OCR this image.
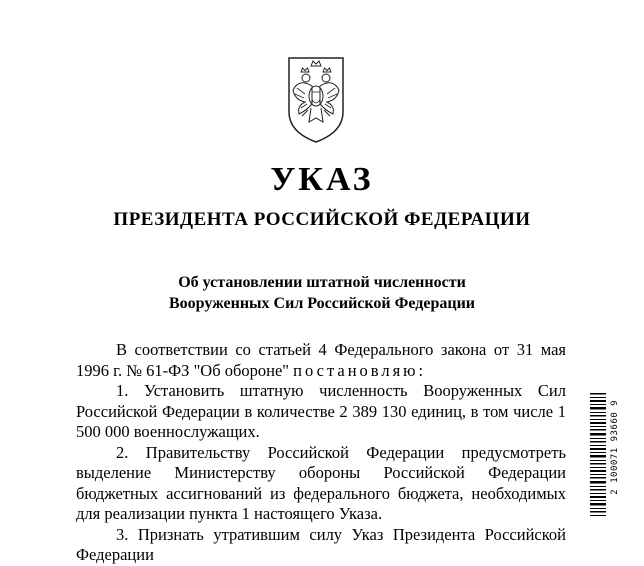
УКАЗ
ПРЕЗИДЕНТА РОССИЙСКОЙ ФЕДЕРАЦИИ
Об установлении штатной численности
Вооруженных Сил Российской Федерации

В соответствии со статьей 4 Федерального закона от 31 мая 1996 г. № 61-ФЗ "Об обороне" постановляю:

1. Установить штатную численность Вооруженных Сил Российской Федерации в количестве 2 389 130 единиц, в том числе 1 500 000 военнослужащих.

2. Правительству Российской Федерации предусмотреть выделение Министерству обороны Российской Федерации бюджетных ассигнований из федерального бюджета, необходимых для реализации пункта 1 настоящего Указа.

3. Признать утратившим силу Указ Президента Российской Федерации

2 100071 93660 9
